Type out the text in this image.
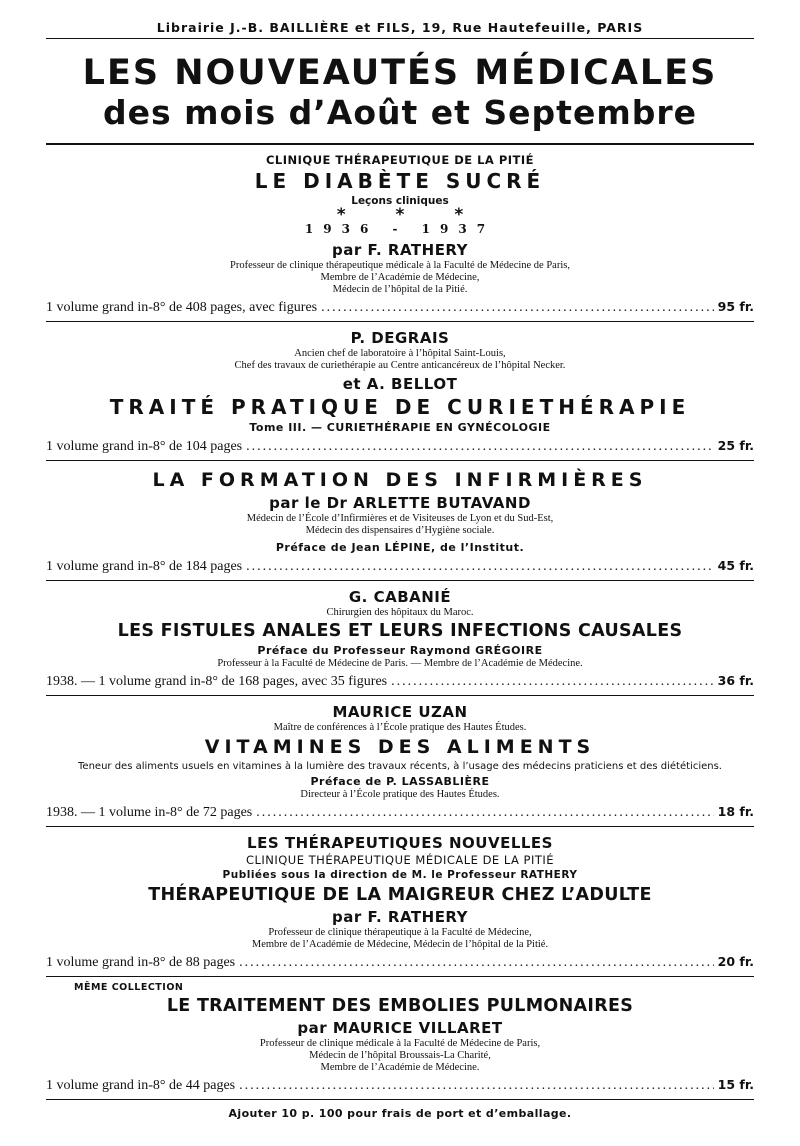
Librairie J.-B. BAILLIÈRE et FILS, 19, Rue Hautefeuille, PARIS
LES NOUVEAUTÉS MÉDICALES
des mois d’Août et Septembre
CLINIQUE THÉRAPEUTIQUE DE LA PITIÉ
LE DIABÈTE SUCRÉ
Leçons cliniques
* * *
1936 - 1937
par F. RATHERY
Professeur de clinique thérapeutique médicale à la Faculté de Médecine de Paris,
Membre de l’Académie de Médecine,
Médecin de l’hôpital de la Pitié.
1 volume grand in-8° de 408 pages, avec figures .....	95 fr.
P. DEGRAIS
Ancien chef de laboratoire à l’hôpital Saint-Louis,
Chef des travaux de curiethérapie au Centre anticancéreux de l’hôpital Necker.
et A. BELLOT
TRAITÉ PRATIQUE DE CURIETHÉRAPIE
Tome III. — CURIETHÉRAPIE EN GYNÉCOLOGIE
1 volume grand in-8° de 104 pages .....	25 fr.
LA FORMATION DES INFIRMIÈRES
par le Dr ARLETTE BUTAVAND
Médecin de l’École d’Infirmières et de Visiteuses de Lyon et du Sud-Est,
Médecin des dispensaires d’Hygiène sociale.
Préface de Jean LÉPINE, de l’Institut.
1 volume grand in-8° de 184 pages .....	45 fr.
G. CABANIÉ
Chirurgien des hôpitaux du Maroc.
LES FISTULES ANALES ET LEURS INFECTIONS CAUSALES
Préface du Professeur Raymond GRÉGOIRE
Professeur à la Faculté de Médecine de Paris. — Membre de l’Académie de Médecine.
1938. — 1 volume grand in-8° de 168 pages, avec 35 figures .....	36 fr.
MAURICE UZAN
Maître de conférences à l’École pratique des Hautes Études.
VITAMINES DES ALIMENTS
Teneur des aliments usuels en vitamines à la lumière des travaux récents, à l’usage des médecins praticiens et des diététiciens.
Préface de P. LASSABLIÈRE
Directeur à l’École pratique des Hautes Études.
1938. — 1 volume in-8° de 72 pages .....	18 fr.
LES THÉRAPEUTIQUES NOUVELLES
CLINIQUE THÉRAPEUTIQUE MÉDICALE DE LA PITIÉ
Publiées sous la direction de M. le Professeur RATHERY
THÉRAPEUTIQUE DE LA MAIGREUR CHEZ L’ADULTE
par F. RATHERY
Professeur de clinique thérapeutique à la Faculté de Médecine,
Membre de l’Académie de Médecine, Médecin de l’hôpital de la Pitié.
1 volume grand in-8° de 88 pages .....	20 fr.
MÊME COLLECTION
LE TRAITEMENT DES EMBOLIES PULMONAIRES
par MAURICE VILLARET
Professeur de clinique médicale à la Faculté de Médecine de Paris,
Médecin de l’hôpital Broussais-La Charité,
Membre de l’Académie de Médecine.
1 volume grand in-8° de 44 pages .....	15 fr.
Ajouter 10 p. 100 pour frais de port et d’emballage.
